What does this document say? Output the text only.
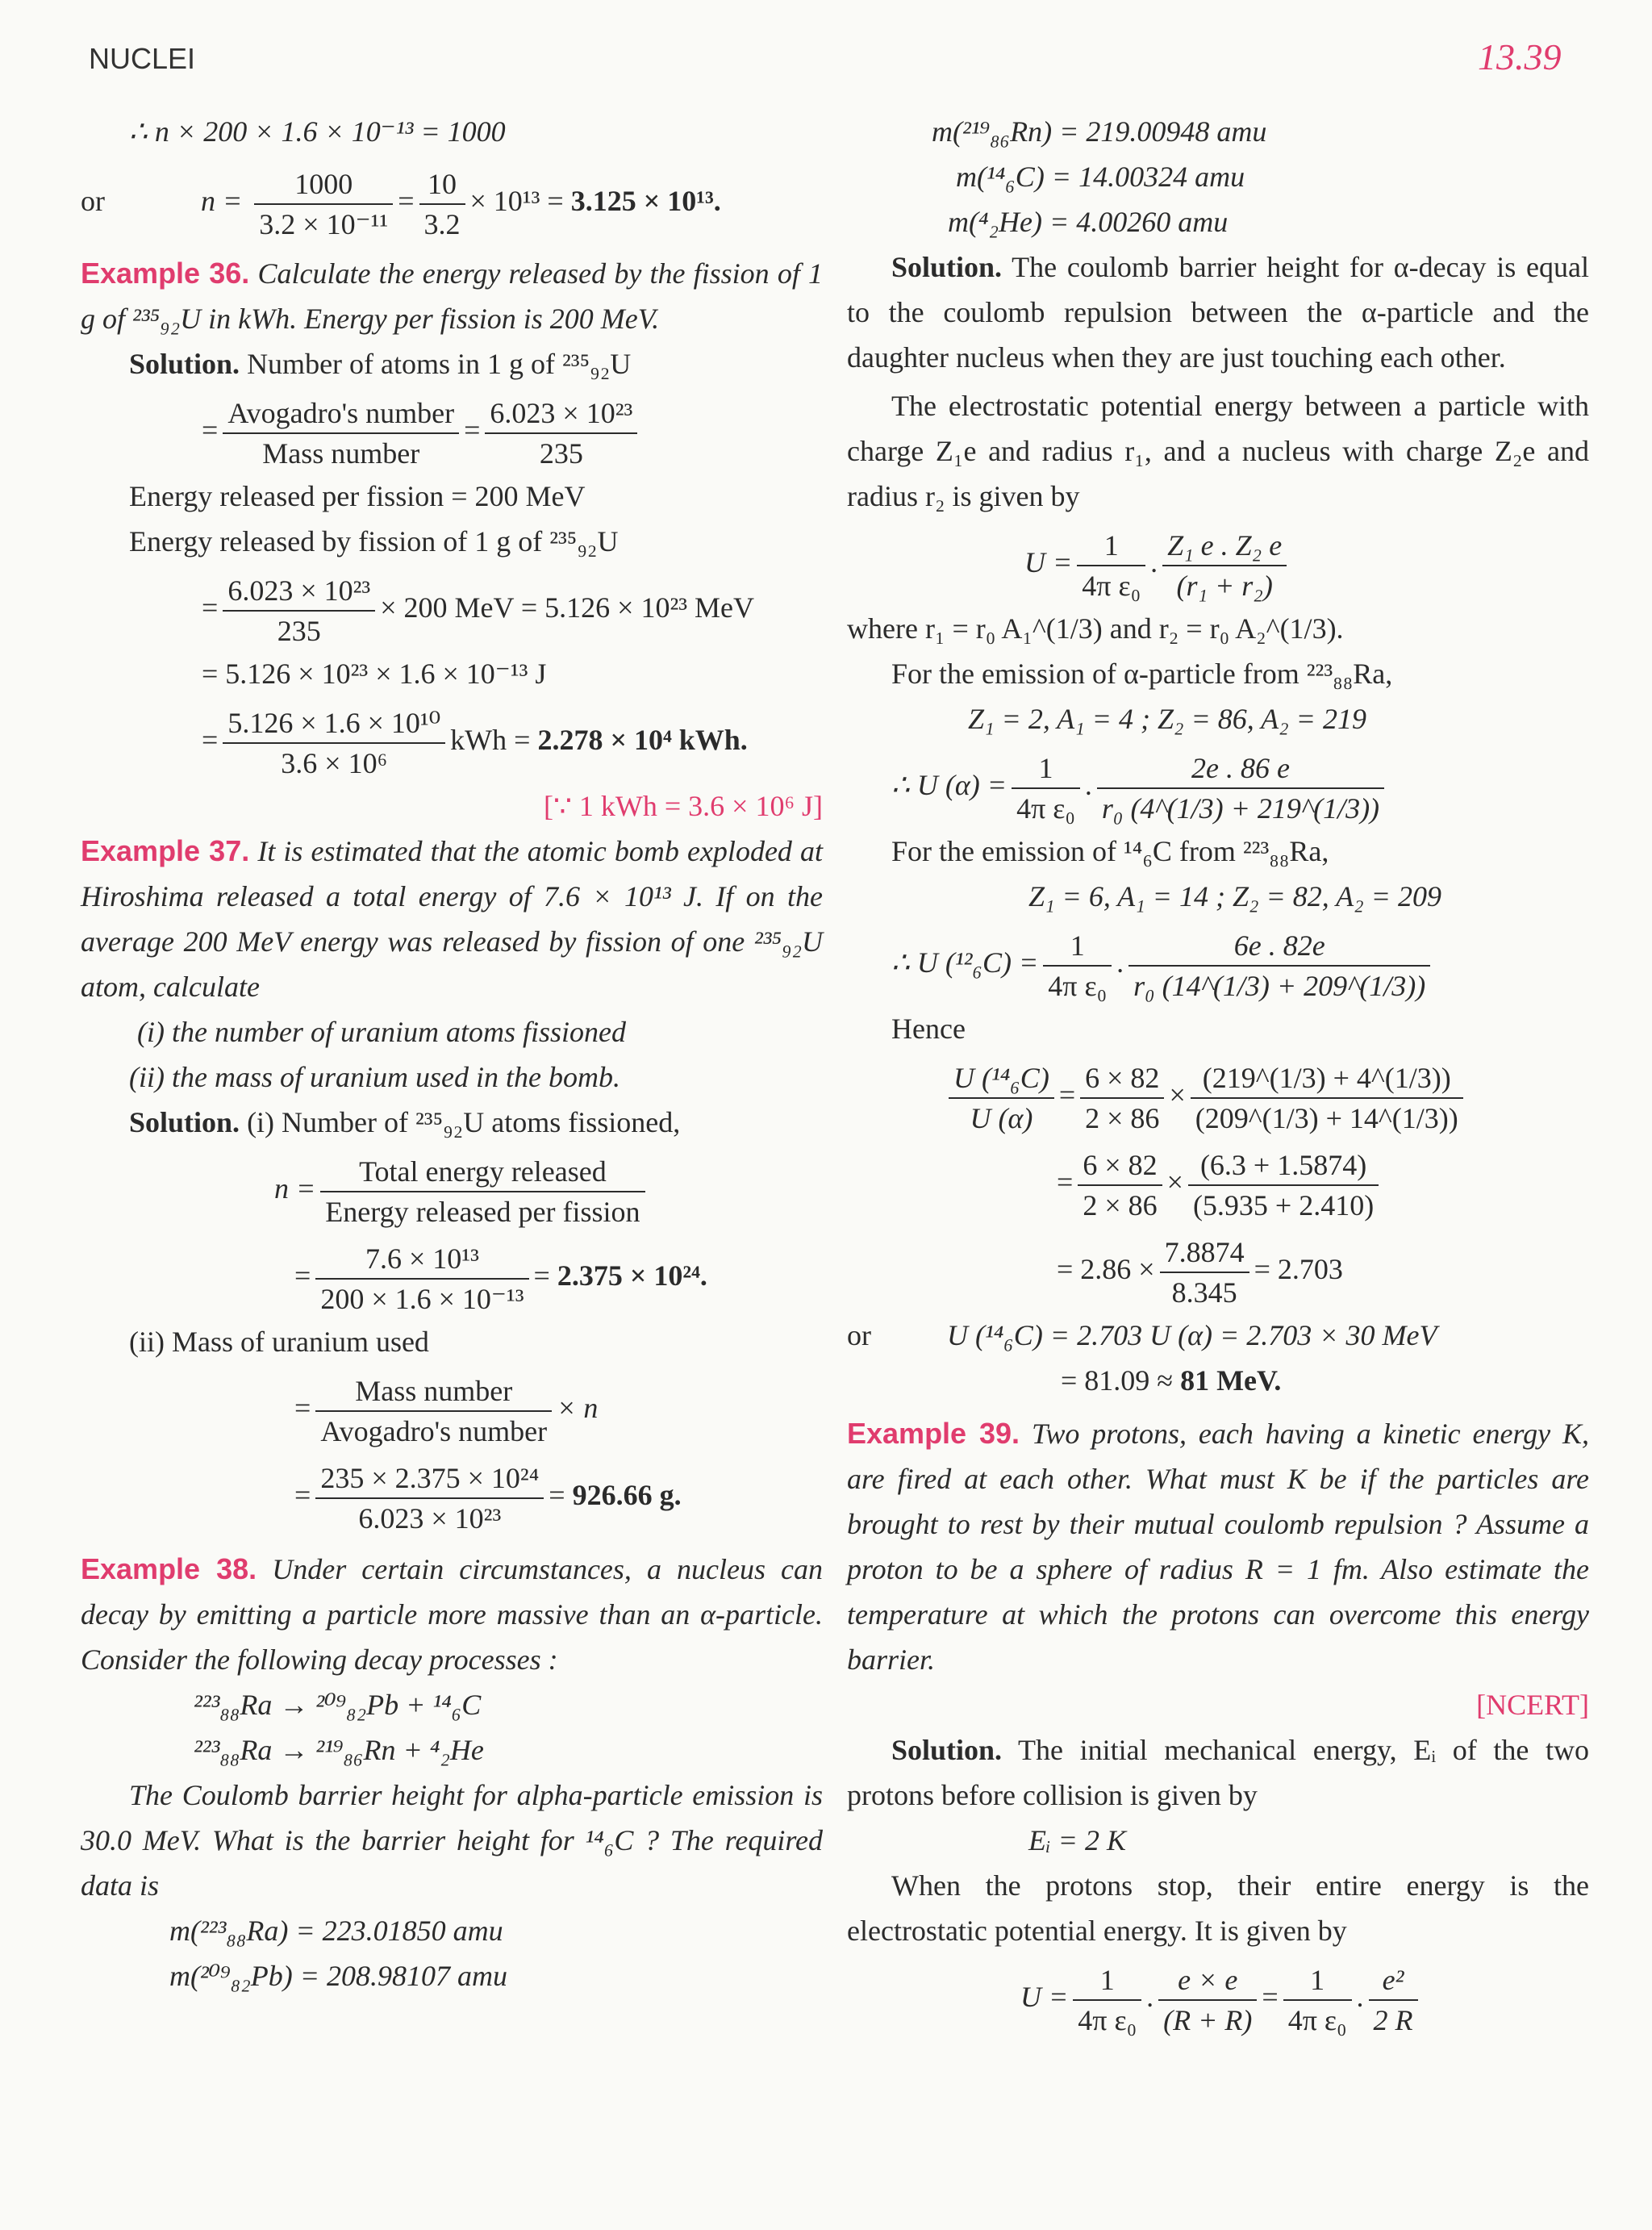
NUCLEI	13.39
∴ n × 200 × 1.6 × 10⁻¹³ = 1000
or	$n = \frac{1000}{\text{3.2 × 10⁻¹¹}} = \frac{10}{3.2} \times 10^{13} = 3.125 \times 10^{13}$.
Example 36. Calculate the energy released by the fission of 1 g of ²³⁵₉₂U in kWh. Energy per fission is 200 MeV.
Solution. Number of atoms in 1 g of ²³⁵₉₂U
= $\frac{\text{Avogadro's number}}{\text{Mass number}} = \frac{\text{6.023 × 10²³}}{235}$
Energy released per fission = 200 MeV
Energy released by fission of 1 g of ²³⁵₉₂U
= $\frac{\text{6.023 × 10²³}}{235} \times 200$ MeV = 5.126 × 10²³ MeV
= 5.126 × 10²³ × 1.6 × 10⁻¹³ J
= $\frac{\text{5.126 × 1.6 × 10¹⁰}}{\text{3.6 × 10⁶}}$ kWh = 2.278 × 10⁴ kWh.
[∵ 1 kWh = 3.6 × 10⁶ J]
Example 37. It is estimated that the atomic bomb exploded at Hiroshima released a total energy of 7.6 × 10¹³ J. If on the average 200 MeV energy was released by fission of one ²³⁵₉₂U atom, calculate
(i) the number of uranium atoms fissioned
(ii) the mass of uranium used in the bomb.
Solution. (i) Number of ²³⁵₉₂U atoms fissioned,
$n = \frac{\text{Total energy released}}{\text{Energy released per fission}}$
= $\frac{\text{7.6 × 10¹³}}{\text{200 × 1.6 × 10⁻¹³}} = 2.375 \times 10^{24}$.
(ii) Mass of uranium used
= $\frac{\text{Mass number}}{\text{Avogadro's number}} \times n$
= $\frac{\text{235 × 2.375 × 10²⁴}}{\text{6.023 × 10²³}} = 926.66$ g.
Example 38. Under certain circumstances, a nucleus can decay by emitting a particle more massive than an α-particle. Consider the following decay processes :
²²³₈₈Ra → ²⁰⁹₈₂Pb + ¹⁴₆C
²²³₈₈Ra → ²¹⁹₈₆Rn + ⁴₂He
The Coulomb barrier height for alpha-particle emission is 30.0 MeV. What is the barrier height for ¹⁴₆C ? The required data is
m(²²³₈₈Ra) = 223.01850 amu
m(²⁰⁹₈₂Pb) = 208.98107 amu
m(²¹⁹₈₆Rn) = 219.00948 amu
m(¹⁴₆C) = 14.00324 amu
m(⁴₂He) = 4.00260 amu
Solution. The coulomb barrier height for α-decay is equal to the coulomb repulsion between the α-particle and the daughter nucleus when they are just touching each other.
The electrostatic potential energy between a particle with charge Z₁e and radius r₁, and a nucleus with charge Z₂e and radius r₂ is given by
$U = \frac{1}{\text{4π ε₀}}$ . $\frac{\text{Z₁ e . Z₂ e}}{\text{(r₁ + r₂)}}$
where r₁ = r₀ A₁^(1/3) and r₂ = r₀ A₂^(1/3).
For the emission of α-particle from ²²³₈₈Ra,
Z₁ = 2, A₁ = 4 ; Z₂ = 86, A₂ = 219
∴ U $(\alpha) = \frac{1}{\text{4π ε₀}}$ . $\frac{2e . 86 e}{\text{r₀ (4\textasciicircum{}(1/3) + 219\textasciicircum{}(1/3))}}$
For the emission of ¹⁴₆C from ²²³₈₈Ra,
Z₁ = 6, A₁ = 14 ; Z₂ = 82, A₂ = 209
∴ U $(^{12}_6C) = \frac{1}{\text{4π ε₀}}$ . $\frac{6e . 82e}{\text{r₀ (14\textasciicircum{}(1/3) + 209\textasciicircum{}(1/3))}}$
Hence
$\frac{\text{U (¹⁴₆C)}}{U (\alpha)} = \frac{6 \times 82}{2 \times 86} \times \frac{(219\^{}(1/3) + 4\^{}(1/3))}{(209\^{}(1/3) + 14\^{}(1/3))}$
= $\frac{6 \times 82}{2 \times 86} \times \frac{(6.3 + 1.5874)}{(5.935 + 2.410)}$
= $2.86 \times \frac{7.8874}{8.345} = 2.703$
or	U (¹⁴₆C) = 2.703 U (α) = 2.703 × 30 MeV
= 81.09 ≈ 81 MeV.
Example 39. Two protons, each having a kinetic energy K, are fired at each other. What must K be if the particles are brought to rest by their mutual coulomb repulsion ? Assume a proton to be a sphere of radius R = 1 fm. Also estimate the temperature at which the protons can overcome this energy barrier.
[NCERT]
Solution. The initial mechanical energy, Eᵢ of the two protons before collision is given by
Eᵢ = 2 K
When the protons stop, their entire energy is the electrostatic potential energy. It is given by
$U = \frac{1}{\text{4π ε₀}}$ . $\frac{e \times e}{(R + R)} = \frac{1}{\text{4π ε₀}}$ . $\frac{\text{e²}}{2 R}$
